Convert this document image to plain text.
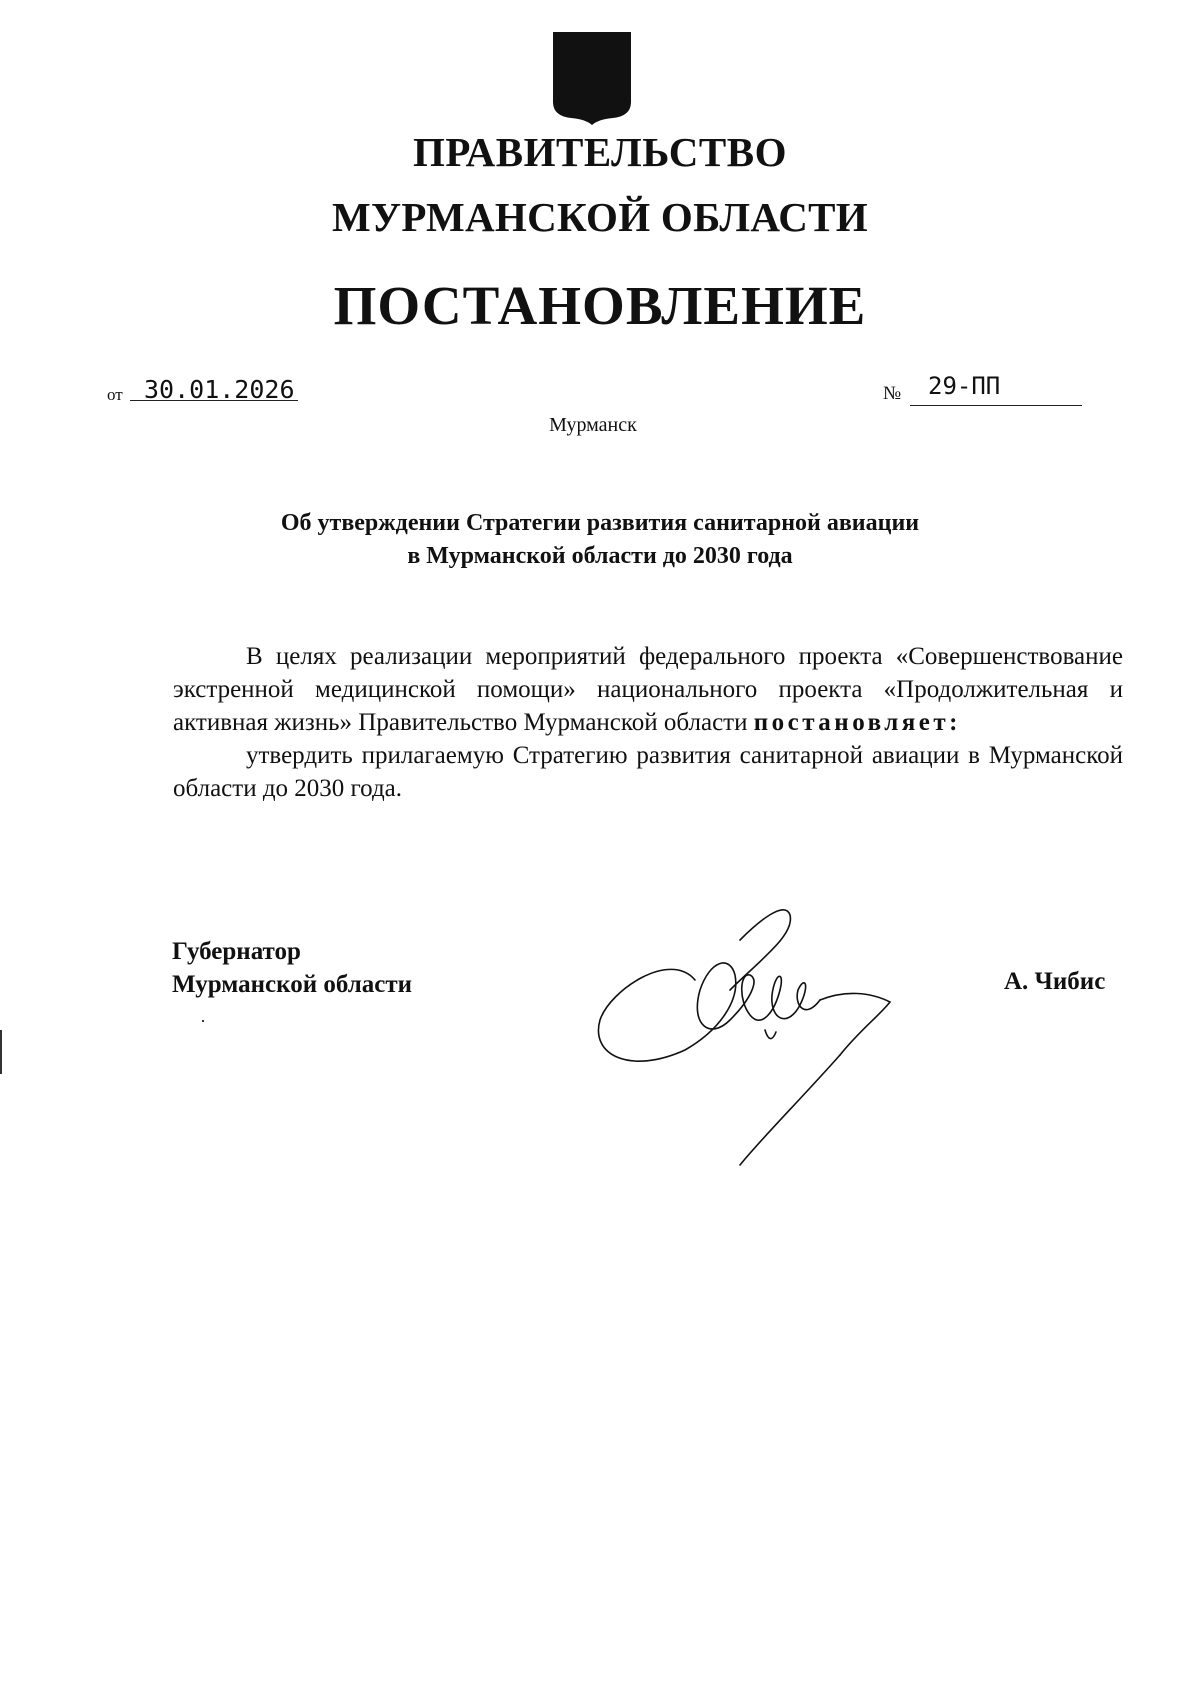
ПРАВИТЕЛЬСТВО
МУРМАНСКОЙ ОБЛАСТИ
ПОСТАНОВЛЕНИЕ
от 30.01.2026	№ 29-ПП
Мурманск
Об утверждении Стратегии развития санитарной авиации
в Мурманской области до 2030 года

В целях реализации мероприятий федерального проекта «Совершенствование экстренной медицинской помощи» национального проекта «Продолжительная и активная жизнь» Правительство Мурманской области постановляет:

утвердить прилагаемую Стратегию развития санитарной авиации в Мурманской области до 2030 года.

Губернатор
Мурманской области	А. Чибис
